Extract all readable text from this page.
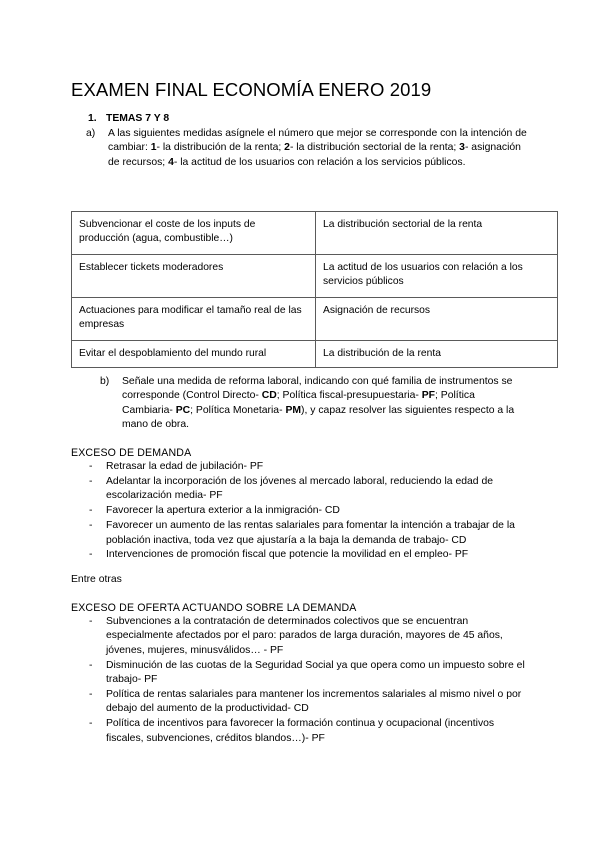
EXAMEN FINAL ECONOMÍA ENERO 2019
1. TEMAS 7 Y 8
a)	A las siguientes medidas asígnele el número que mejor se corresponde con la intención de cambiar: 1- la distribución de la renta; 2- la distribución sectorial de la renta; 3- asignación de recursos; 4- la actitud de los usuarios con relación a los servicios públicos.
Subvencionar el coste de los inputs de producción (agua, combustible…)	La distribución sectorial de la renta
Establecer tickets moderadores	La actitud de los usuarios con relación a los servicios públicos
Actuaciones para modificar el tamaño real de las empresas	Asignación de recursos
Evitar el despoblamiento del mundo rural	La distribución de la renta
b)	Señale una medida de reforma laboral, indicando con qué familia de instrumentos se corresponde (Control Directo- CD; Política fiscal-presupuestaria- PF; Política Cambiaria- PC; Política Monetaria- PM), y capaz resolver las siguientes respecto a la mano de obra.
EXCESO DE DEMANDA
-	Retrasar la edad de jubilación- PF
-	Adelantar la incorporación de los jóvenes al mercado laboral, reduciendo la edad de escolarización media- PF
-	Favorecer la apertura exterior a la inmigración- CD
-	Favorecer un aumento de las rentas salariales para fomentar la intención a trabajar de la población inactiva, toda vez que ajustaría a la baja la demanda de trabajo- CD
-	Intervenciones de promoción fiscal que potencie la movilidad en el empleo- PF
Entre otras
EXCESO DE OFERTA ACTUANDO SOBRE LA DEMANDA
-	Subvenciones a la contratación de determinados colectivos que se encuentran especialmente afectados por el paro: parados de larga duración, mayores de 45 años, jóvenes, mujeres, minusválidos… - PF
-	Disminución de las cuotas de la Seguridad Social ya que opera como un impuesto sobre el trabajo- PF
-	Política de rentas salariales para mantener los incrementos salariales al mismo nivel o por debajo del aumento de la productividad- CD
-	Política de incentivos para favorecer la formación continua y ocupacional (incentivos fiscales, subvenciones, créditos blandos…)- PF
